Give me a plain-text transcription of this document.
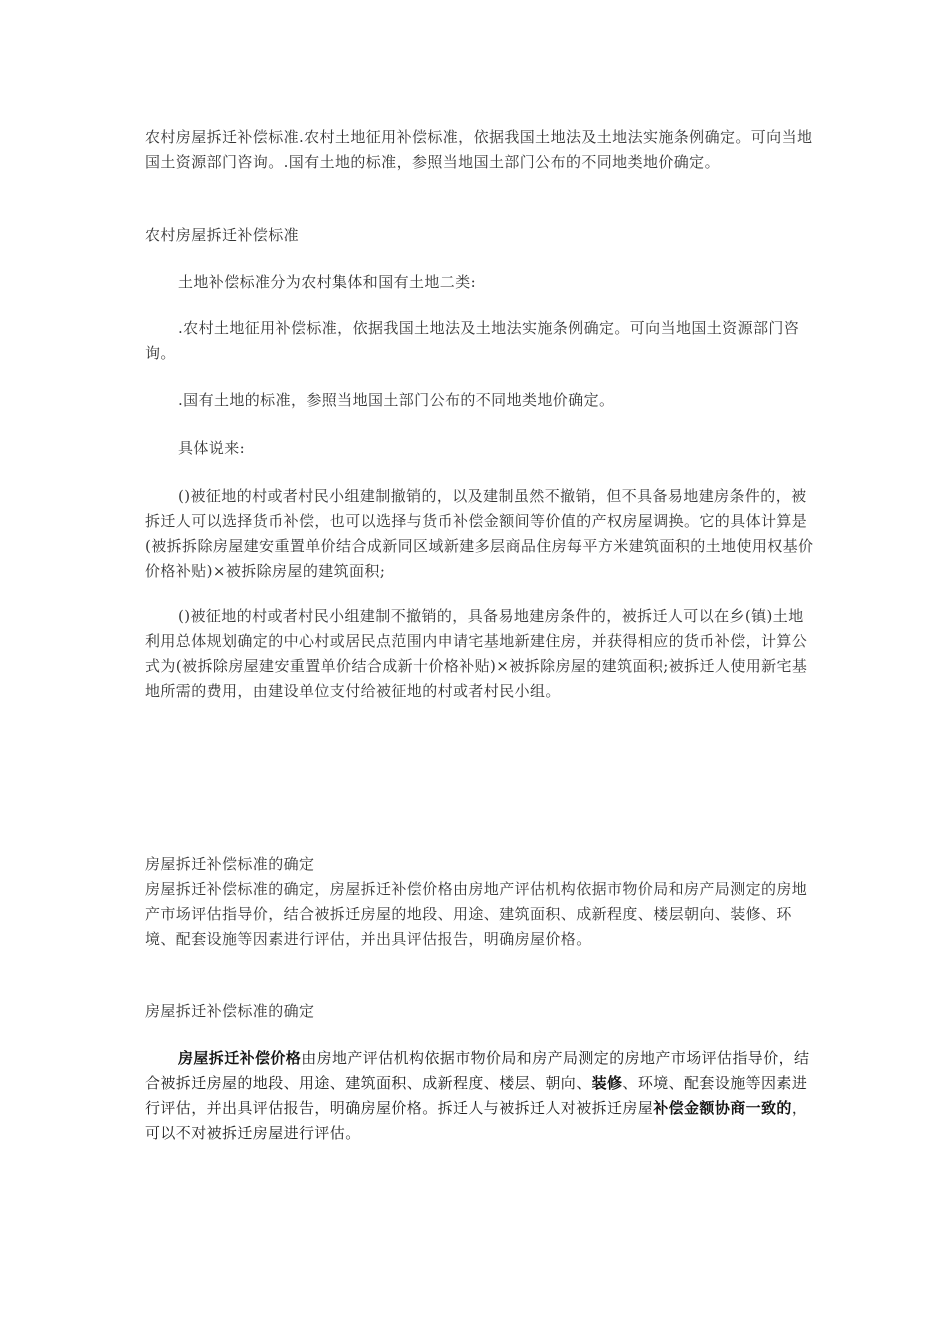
农村房屋拆迁补偿标准.农村土地征用补偿标准，依据我国土地法及土地法实施条例确定。可向当地国土资源部门咨询。.国有土地的标准，参照当地国土部门公布的不同地类地价确定。

农村房屋拆迁补偿标准

土地补偿标准分为农村集体和国有土地二类:

.农村土地征用补偿标准，依据我国土地法及土地法实施条例确定。可向当地国土资源部门咨询。

.国有土地的标准，参照当地国土部门公布的不同地类地价确定。

具体说来:

()被征地的村或者村民小组建制撤销的，以及建制虽然不撤销，但不具备易地建房条件的，被拆迁人可以选择货币补偿，也可以选择与货币补偿金额间等价值的产权房屋调换。它的具体计算是(被拆拆除房屋建安重置单价结合成新同区域新建多层商品住房每平方米建筑面积的土地使用权基价价格补贴)×被拆除房屋的建筑面积;

()被征地的村或者村民小组建制不撤销的，具备易地建房条件的，被拆迁人可以在乡(镇)土地利用总体规划确定的中心村或居民点范围内申请宅基地新建住房，并获得相应的货币补偿，计算公式为(被拆除房屋建安重置单价结合成新十价格补贴)×被拆除房屋的建筑面积;被拆迁人使用新宅基地所需的费用，由建设单位支付给被征地的村或者村民小组。

房屋拆迁补偿标准的确定

房屋拆迁补偿标准的确定，房屋拆迁补偿价格由房地产评估机构依据市物价局和房产局测定的房地产市场评估指导价，结合被拆迁房屋的地段、用途、建筑面积、成新程度、楼层朝向、装修、环境、配套设施等因素进行评估，并出具评估报告，明确房屋价格。

房屋拆迁补偿标准的确定

房屋拆迁补偿价格由房地产评估机构依据市物价局和房产局测定的房地产市场评估指导价，结合被拆迁房屋的地段、用途、建筑面积、成新程度、楼层、朝向、装修、环境、配套设施等因素进行评估，并出具评估报告，明确房屋价格。拆迁人与被拆迁人对被拆迁房屋补偿金额协商一致的，可以不对被拆迁房屋进行评估。
